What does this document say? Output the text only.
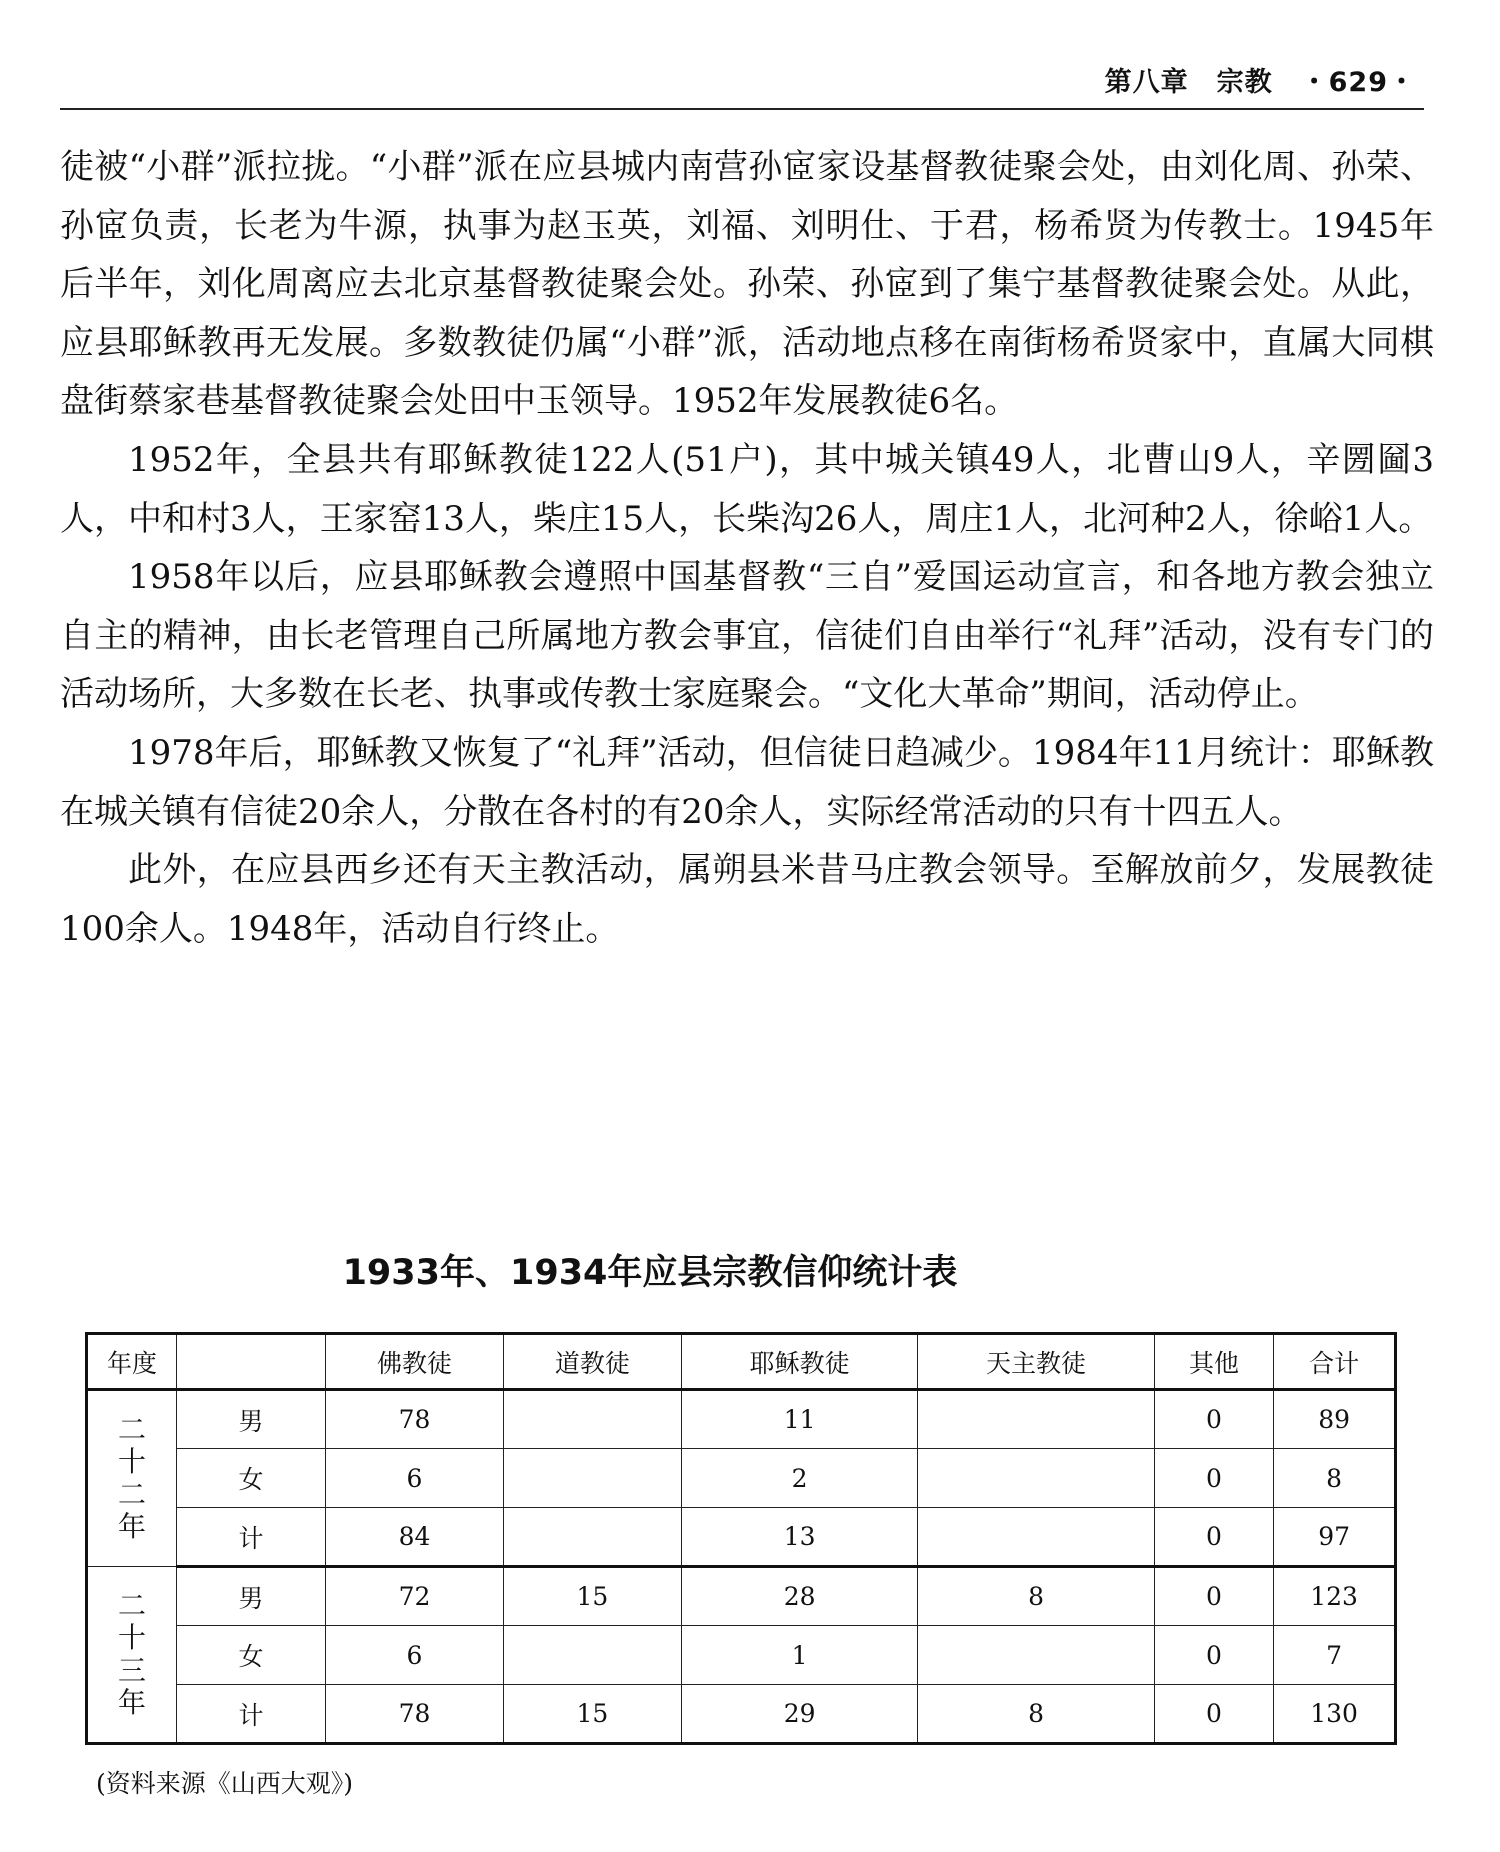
第八章　宗教　・629・

徒被“小群”派拉拢。“小群”派在应县城内南营孙宧家设基督教徒聚会处，由刘化周、孙荣、孙宧负责，长老为牛源，执事为赵玉英，刘福、刘明仕、于君，杨希贤为传教士。1945年后半年，刘化周离应去北京基督教徒聚会处。孙荣、孙宧到了集宁基督教徒聚会处。从此，应县耶稣教再无发展。多数教徒仍属“小群”派，活动地点移在南街杨希贤家中，直属大同棋盘街蔡家巷基督教徒聚会处田中玉领导。1952年发展教徒6名。

1952年，全县共有耶稣教徒122人(51户)，其中城关镇49人，北曹山9人，辛圐圙3人，中和村3人，王家窑13人，柴庄15人，长柴沟26人，周庄1人，北河种2人，徐峪1人。

1958年以后，应县耶稣教会遵照中国基督教“三自”爱国运动宣言，和各地方教会独立自主的精神，由长老管理自己所属地方教会事宜，信徒们自由举行“礼拜”活动，没有专门的活动场所，大多数在长老、执事或传教士家庭聚会。“文化大革命”期间，活动停止。

1978年后，耶稣教又恢复了“礼拜”活动，但信徒日趋减少。1984年11月统计：耶稣教在城关镇有信徒20余人，分散在各村的有20余人，实际经常活动的只有十四五人。

此外，在应县西乡还有天主教活动，属朔县米昔马庄教会领导。至解放前夕，发展教徒100余人。1948年，活动自行终止。

1933年、1934年应县宗教信仰统计表
年度		佛教徒	道教徒	耶稣教徒	天主教徒	其他	合计
二十二年	男	78		11		0	89
	女	6		2		0	8
	计	84		13		0	97
二十三年	男	72	15	28	8	0	123
	女	6		1		0	7
	计	78	15	29	8	0	130
(资料来源《山西大观》)
